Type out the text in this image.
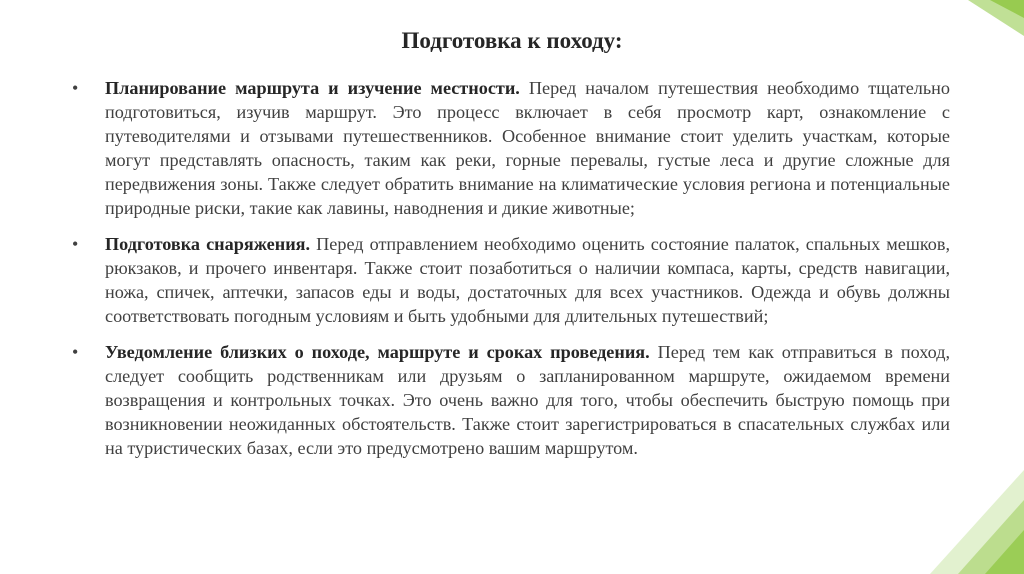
Подготовка к походу:
• Планирование маршрута и изучение местности. Перед началом путешествия необходимо тщательно подготовиться, изучив маршрут. Это процесс включает в себя просмотр карт, ознакомление с путеводителями и отзывами путешественников. Особенное внимание стоит уделить участкам, которые могут представлять опасность, таким как реки, горные перевалы, густые леса и другие сложные для передвижения зоны. Также следует обратить внимание на климатические условия региона и потенциальные природные риски, такие как лавины, наводнения и дикие животные;
• Подготовка снаряжения. Перед отправлением необходимо оценить состояние палаток, спальных мешков, рюкзаков, и прочего инвентаря. Также стоит позаботиться о наличии компаса, карты, средств навигации, ножа, спичек, аптечки, запасов еды и воды, достаточных для всех участников. Одежда и обувь должны соответствовать погодным условиям и быть удобными для длительных путешествий;
• Уведомление близких о походе, маршруте и сроках проведения. Перед тем как отправиться в поход, следует сообщить родственникам или друзьям о запланированном маршруте, ожидаемом времени возвращения и контрольных точках. Это очень важно для того, чтобы обеспечить быструю помощь при возникновении неожиданных обстоятельств. Также стоит зарегистрироваться в спасательных службах или на туристических базах, если это предусмотрено вашим маршрутом.
